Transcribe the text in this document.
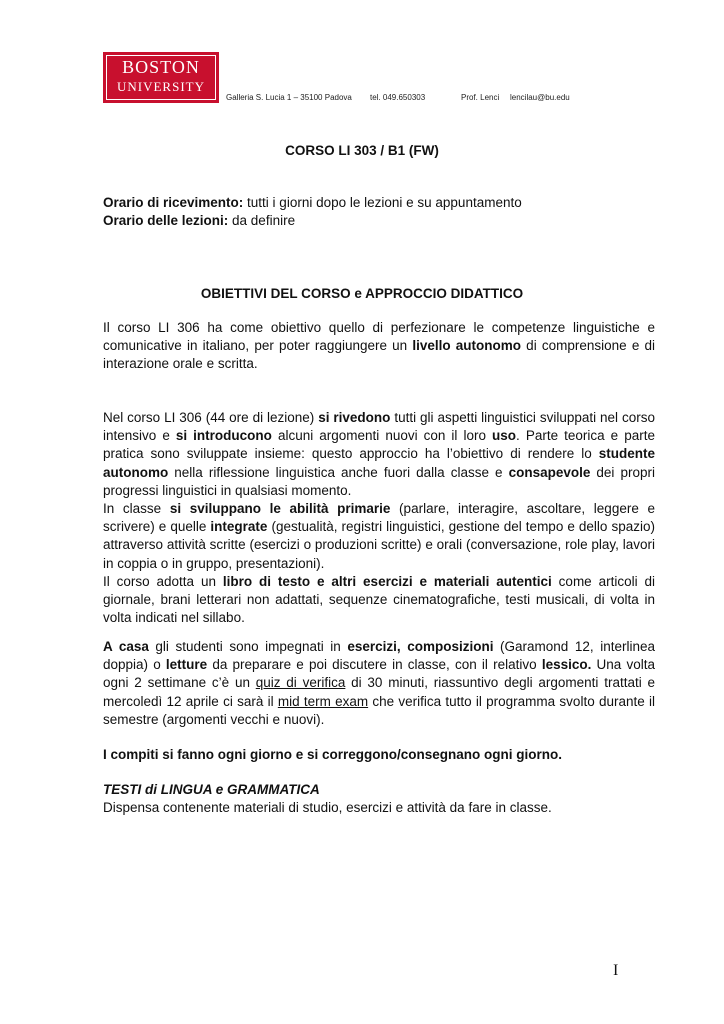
BOSTON
UNIVERSITY
Galleria S. Lucia 1 – 35100 Padova tel. 049.650303	Prof. Lenci lencilau@bu.edu
CORSO LI 303 / B1 (FW)
Orario di ricevimento: tutti i giorni dopo le lezioni e su appuntamento
Orario delle lezioni: da definire
OBIETTIVI DEL CORSO e APPROCCIO DIDATTICO

Il corso LI 306 ha come obiettivo quello di perfezionare le competenze linguistiche e comunicative in italiano, per poter raggiungere un livello autonomo di comprensione e di interazione orale e scritta.

Nel corso LI 306 (44 ore di lezione) si rivedono tutti gli aspetti linguistici sviluppati nel corso intensivo e si introducono alcuni argomenti nuovi con il loro uso. Parte teorica e parte pratica sono sviluppate insieme: questo approccio ha l’obiettivo di rendere lo studente autonomo nella riflessione linguistica anche fuori dalla classe e consapevole dei propri progressi linguistici in qualsiasi momento.

In classe si sviluppano le abilità primarie (parlare, interagire, ascoltare, leggere e scrivere) e quelle integrate (gestualità, registri linguistici, gestione del tempo e dello spazio) attraverso attività scritte (esercizi o produzioni scritte) e orali (conversazione, role play, lavori in coppia o in gruppo, presentazioni).

Il corso adotta un libro di testo e altri esercizi e materiali autentici come articoli di giornale, brani letterari non adattati, sequenze cinematografiche, testi musicali, di volta in volta indicati nel sillabo.

A casa gli studenti sono impegnati in esercizi, composizioni (Garamond 12, interlinea doppia) o letture da preparare e poi discutere in classe, con il relativo lessico. Una volta ogni 2 settimane c’è un quiz di verifica di 30 minuti, riassuntivo degli argomenti trattati e mercoledì 12 aprile ci sarà il mid term exam che verifica tutto il programma svolto durante il semestre (argomenti vecchi e nuovi).

I compiti si fanno ogni giorno e si correggono/consegnano ogni giorno.
TESTI di LINGUA e GRAMMATICA
Dispensa contenente materiali di studio, esercizi e attività da fare in classe.
I
